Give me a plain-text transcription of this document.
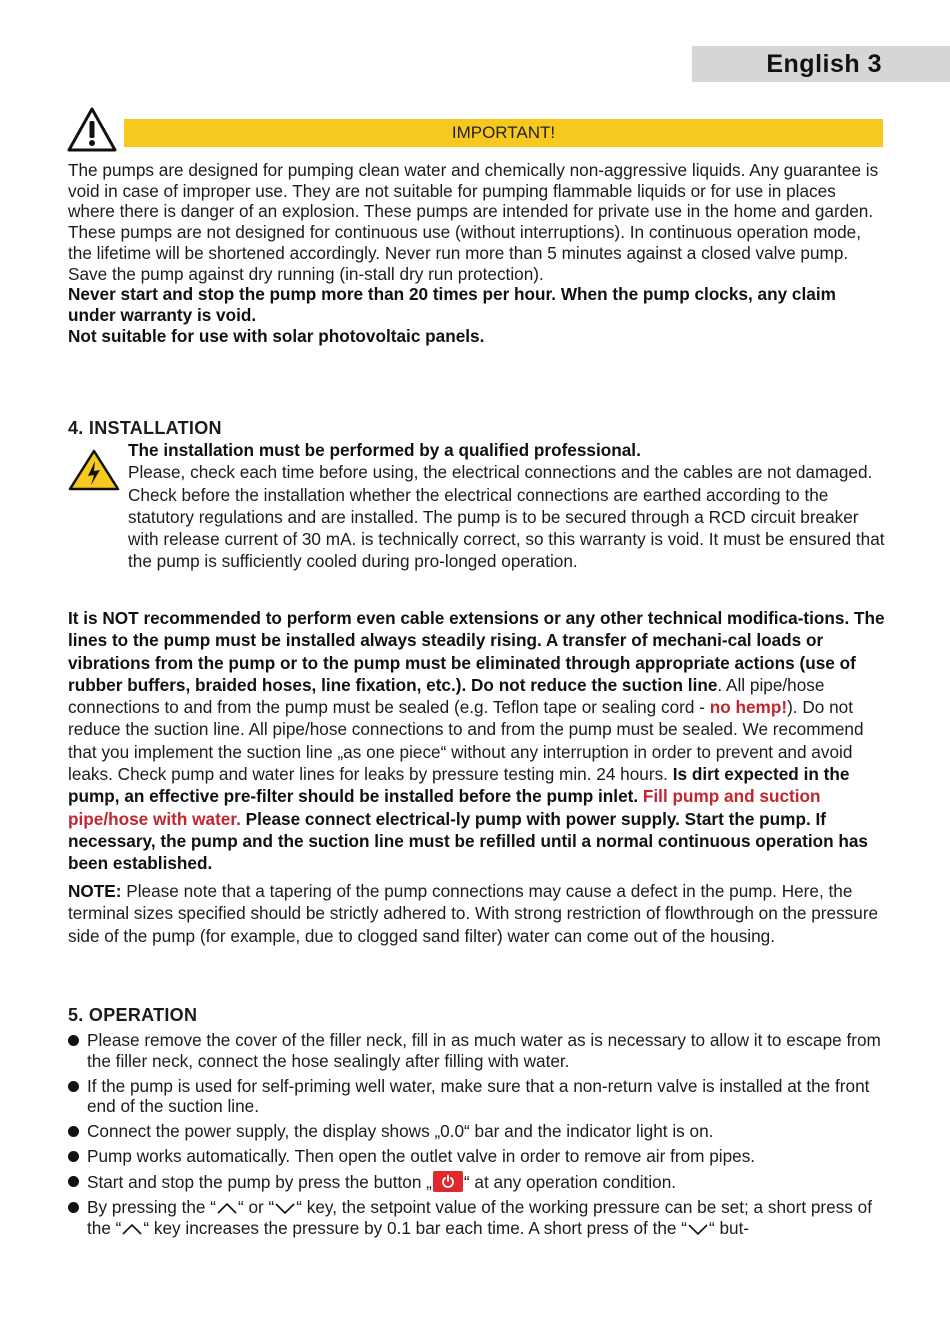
English 3
IMPORTANT!

The pumps are designed for pumping clean water and chemically non-aggressive liquids. Any guarantee is void in case of improper use. They are not suitable for pumping flammable liquids or for use in places where there is danger of an explosion. These pumps are intended for private use in the home and garden. These pumps are not designed for continuous use (without interruptions). In continuous operation mode, the lifetime will be shortened accordingly. Never run more than 5 minutes against a closed valve pump. Save the pump against dry running (in-stall dry run protection).
Never start and stop the pump more than 20 times per hour. When the pump clocks, any claim under warranty is void.
Not suitable for use with solar photovoltaic panels.

4. INSTALLATION

The installation must be performed by a qualified professional.
Please, check each time before using, the electrical connections and the cables are not damaged. Check before the installation whether the electrical connections are earthed according to the statutory regulations and are installed. The pump is to be secured through a RCD circuit breaker with release current of 30 mA. is technically correct, so this warranty is void. It must be ensured that the pump is sufficiently cooled during pro-longed operation.

It is NOT recommended to perform even cable extensions or any other technical modifica-tions. The lines to the pump must be installed always steadily rising. A transfer of mechani-cal loads or vibrations from the pump or to the pump must be eliminated through appropriate actions (use of rubber buffers, braided hoses, line fixation, etc.). Do not reduce the suction line. All pipe/hose connections to and from the pump must be sealed (e.g. Teflon tape or sealing cord - no hemp!). Do not reduce the suction line. All pipe/hose connections to and from the pump must be sealed. We recommend that you implement the suction line „as one piece“ without any interruption in order to prevent and avoid leaks. Check pump and water lines for leaks by pressure testing min. 24 hours. Is dirt expected in the pump, an effective pre-filter should be installed before the pump inlet. Fill pump and suction pipe/hose with water. Please connect electrical-ly pump with power supply. Start the pump. If necessary, the pump and the suction line must be refilled until a normal continuous operation has been established.

NOTE: Please note that a tapering of the pump connections may cause a defect in the pump. Here, the terminal sizes specified should be strictly adhered to. With strong restriction of flowthrough on the pressure side of the pump (for example, due to clogged sand filter) water can come out of the housing.

5. OPERATION
Please remove the cover of the filler neck, fill in as much water as is necessary to allow it to escape from the filler neck, connect the hose sealingly after filling with water.
If the pump is used for self-priming well water, make sure that a non-return valve is installed at the front end of the suction line.
Connect the power supply, the display shows „0.0“ bar and the indicator light is on.
Pump works automatically. Then open the outlet valve in order to remove air from pipes.
Start and stop the pump by press the button „ “ at any operation condition.
By pressing the “ “ or “ “ key, the setpoint value of the working pressure can be set; a short press of the “ “ key increases the pressure by 0.1 bar each time. A short press of the “ “ but-
